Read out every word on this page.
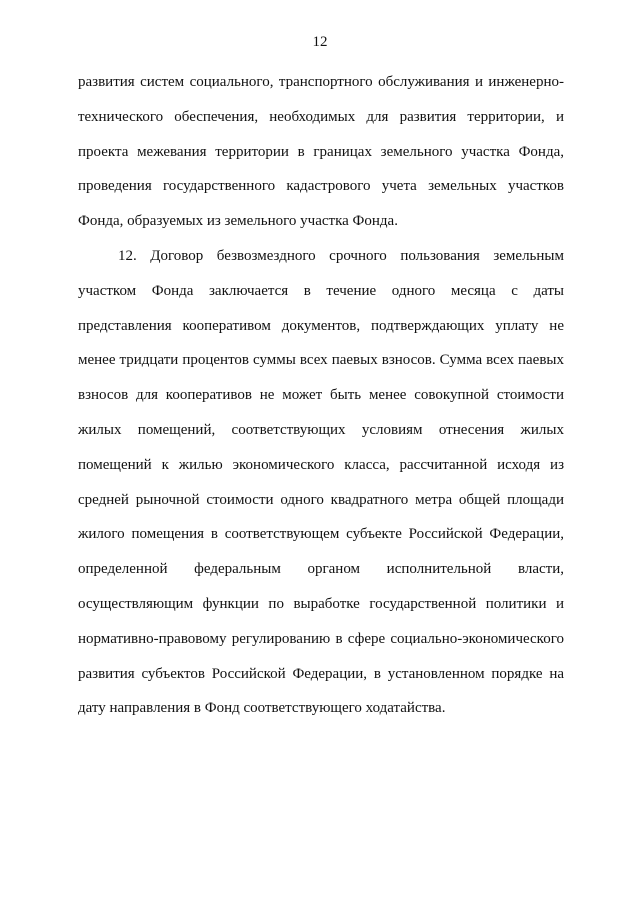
12
развития систем социального, транспортного обслуживания и инженерно-
технического обеспечения, необходимых для развития территории, и
проекта межевания территории в границах земельного участка Фонда,
проведения государственного кадастрового учета земельных участков
Фонда, образуемых из земельного участка Фонда.
12. Договор безвозмездного срочного пользования земельным
участком Фонда заключается в течение одного месяца с даты
представления кооперативом документов, подтверждающих уплату не
менее тридцати процентов суммы всех паевых взносов. Сумма всех паевых
взносов для кооперативов не может быть менее совокупной стоимости
жилых помещений, соответствующих условиям отнесения жилых
помещений к жилью экономического класса, рассчитанной исходя из
средней рыночной стоимости одного квадратного метра общей площади
жилого помещения в соответствующем субъекте Российской Федерации,
определенной федеральным органом исполнительной власти,
осуществляющим функции по выработке государственной политики и
нормативно-правовому регулированию в сфере социально-экономического
развития субъектов Российской Федерации, в установленном порядке на
дату направления в Фонд соответствующего ходатайства.
